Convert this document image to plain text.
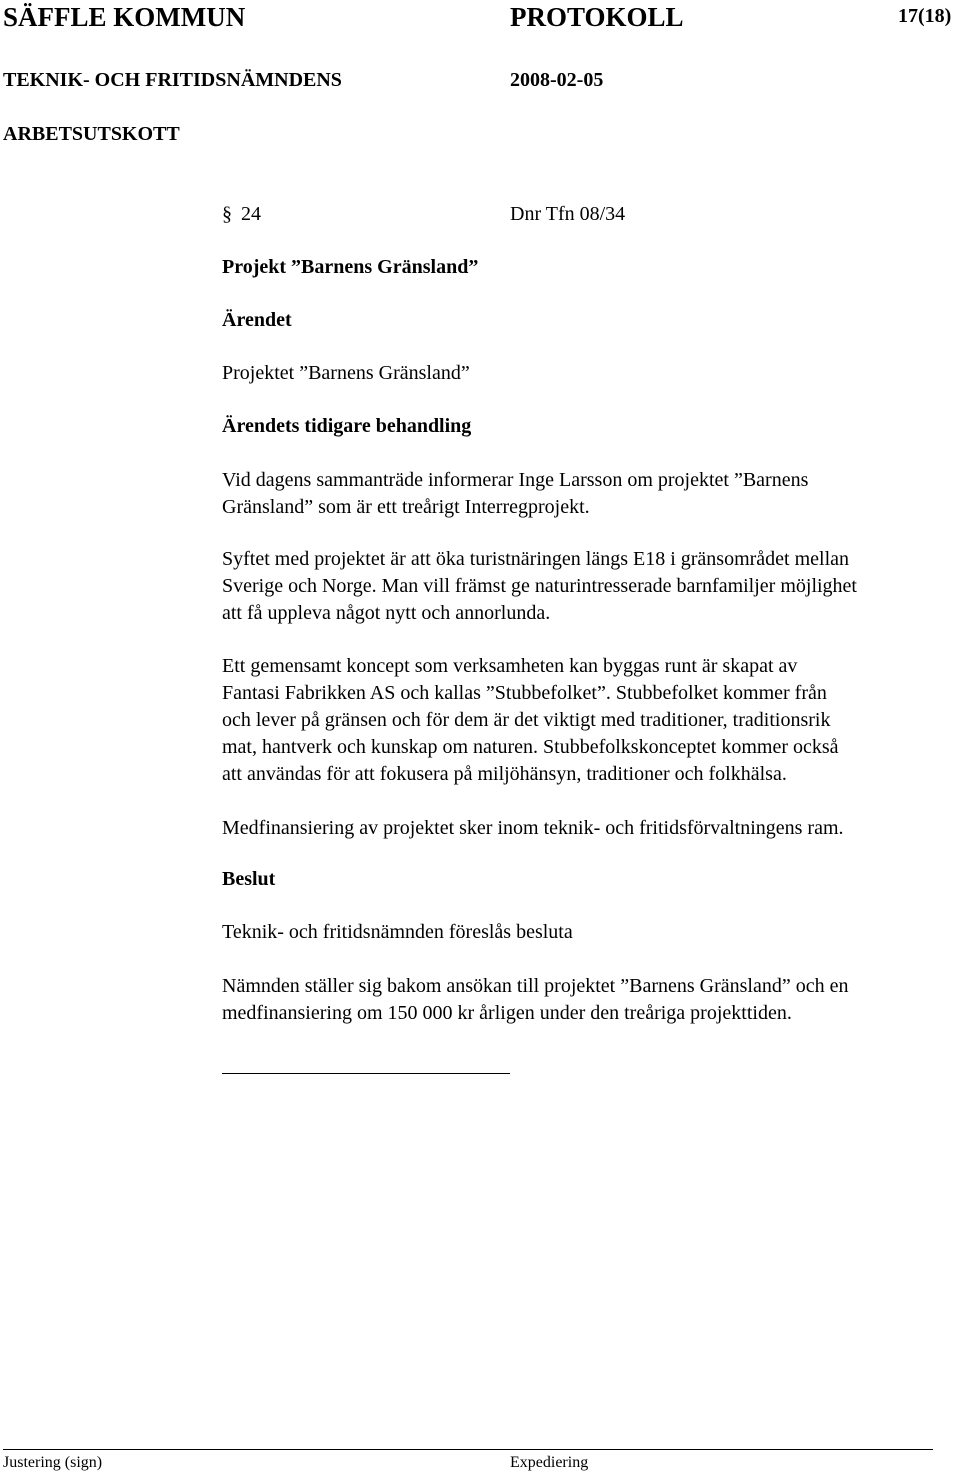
SÄFFLE KOMMUN	PROTOKOLL	17(18)
TEKNIK- OCH FRITIDSNÄMNDENS	2008-02-05
ARBETSUTSKOTT
§ 24	Dnr Tfn 08/34
Projekt ”Barnens Gränsland”
Ärendet
Projektet ”Barnens Gränsland”
Ärendets tidigare behandling

Vid dagens sammanträde informerar Inge Larsson om projektet ”Barnens

Gränsland” som är ett treårigt Interregprojekt.

Syftet med projektet är att öka turistnäringen längs E18 i gränsområdet mellan

Sverige och Norge. Man vill främst ge naturintresserade barnfamiljer möjlighet

att få uppleva något nytt och annorlunda.

Ett gemensamt koncept som verksamheten kan byggas runt är skapat av

Fantasi Fabrikken AS och kallas ”Stubbefolket”. Stubbefolket kommer från

och lever på gränsen och för dem är det viktigt med traditioner, traditionsrik

mat, hantverk och kunskap om naturen. Stubbefolkskonceptet kommer också

att användas för att fokusera på miljöhänsyn, traditioner och folkhälsa.

Medfinansiering av projektet sker inom teknik- och fritidsförvaltningens ram.

Beslut
Teknik- och fritidsnämnden föreslås besluta

Nämnden ställer sig bakom ansökan till projektet ”Barnens Gränsland” och en

medfinansiering om 150 000 kr årligen under den treåriga projekttiden.

Justering (sign)	Expediering
